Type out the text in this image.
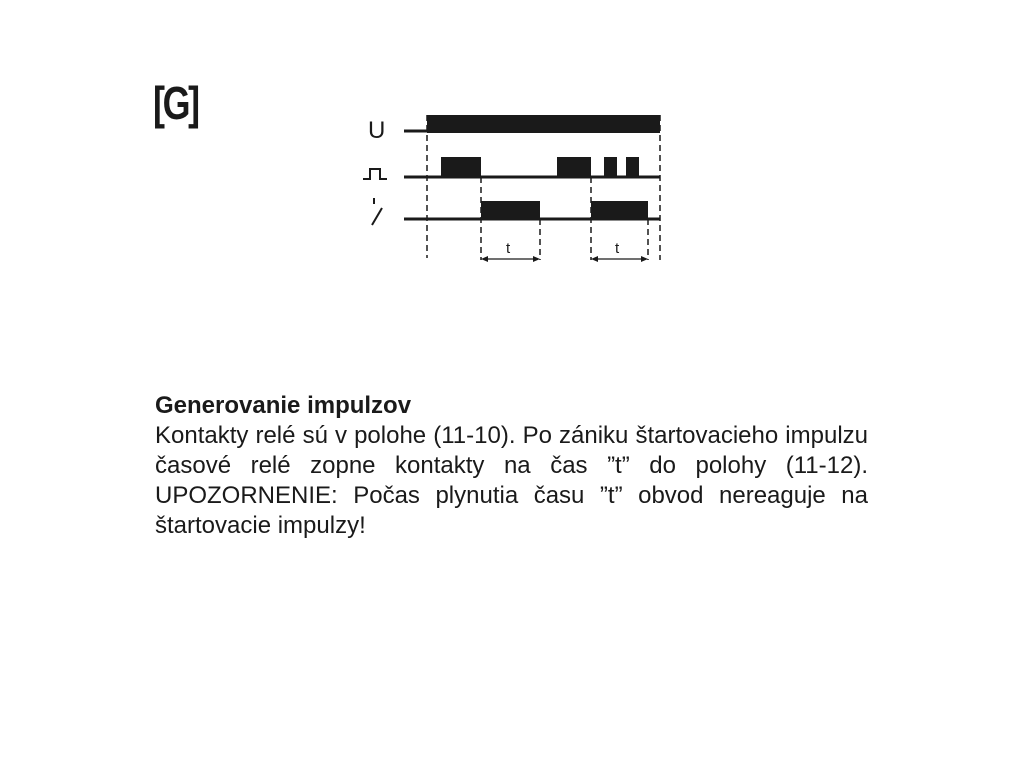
[G]
U
t	t
Generovanie impulzov
Kontakty relé sú v polohe (11-10). Po zániku štartovacieho impulzu časové relé zopne kontakty na čas ”t” do polohy (11-12). UPOZORNENIE: Počas plynutia času ”t” obvod nereaguje na štartovacie impulzy!
